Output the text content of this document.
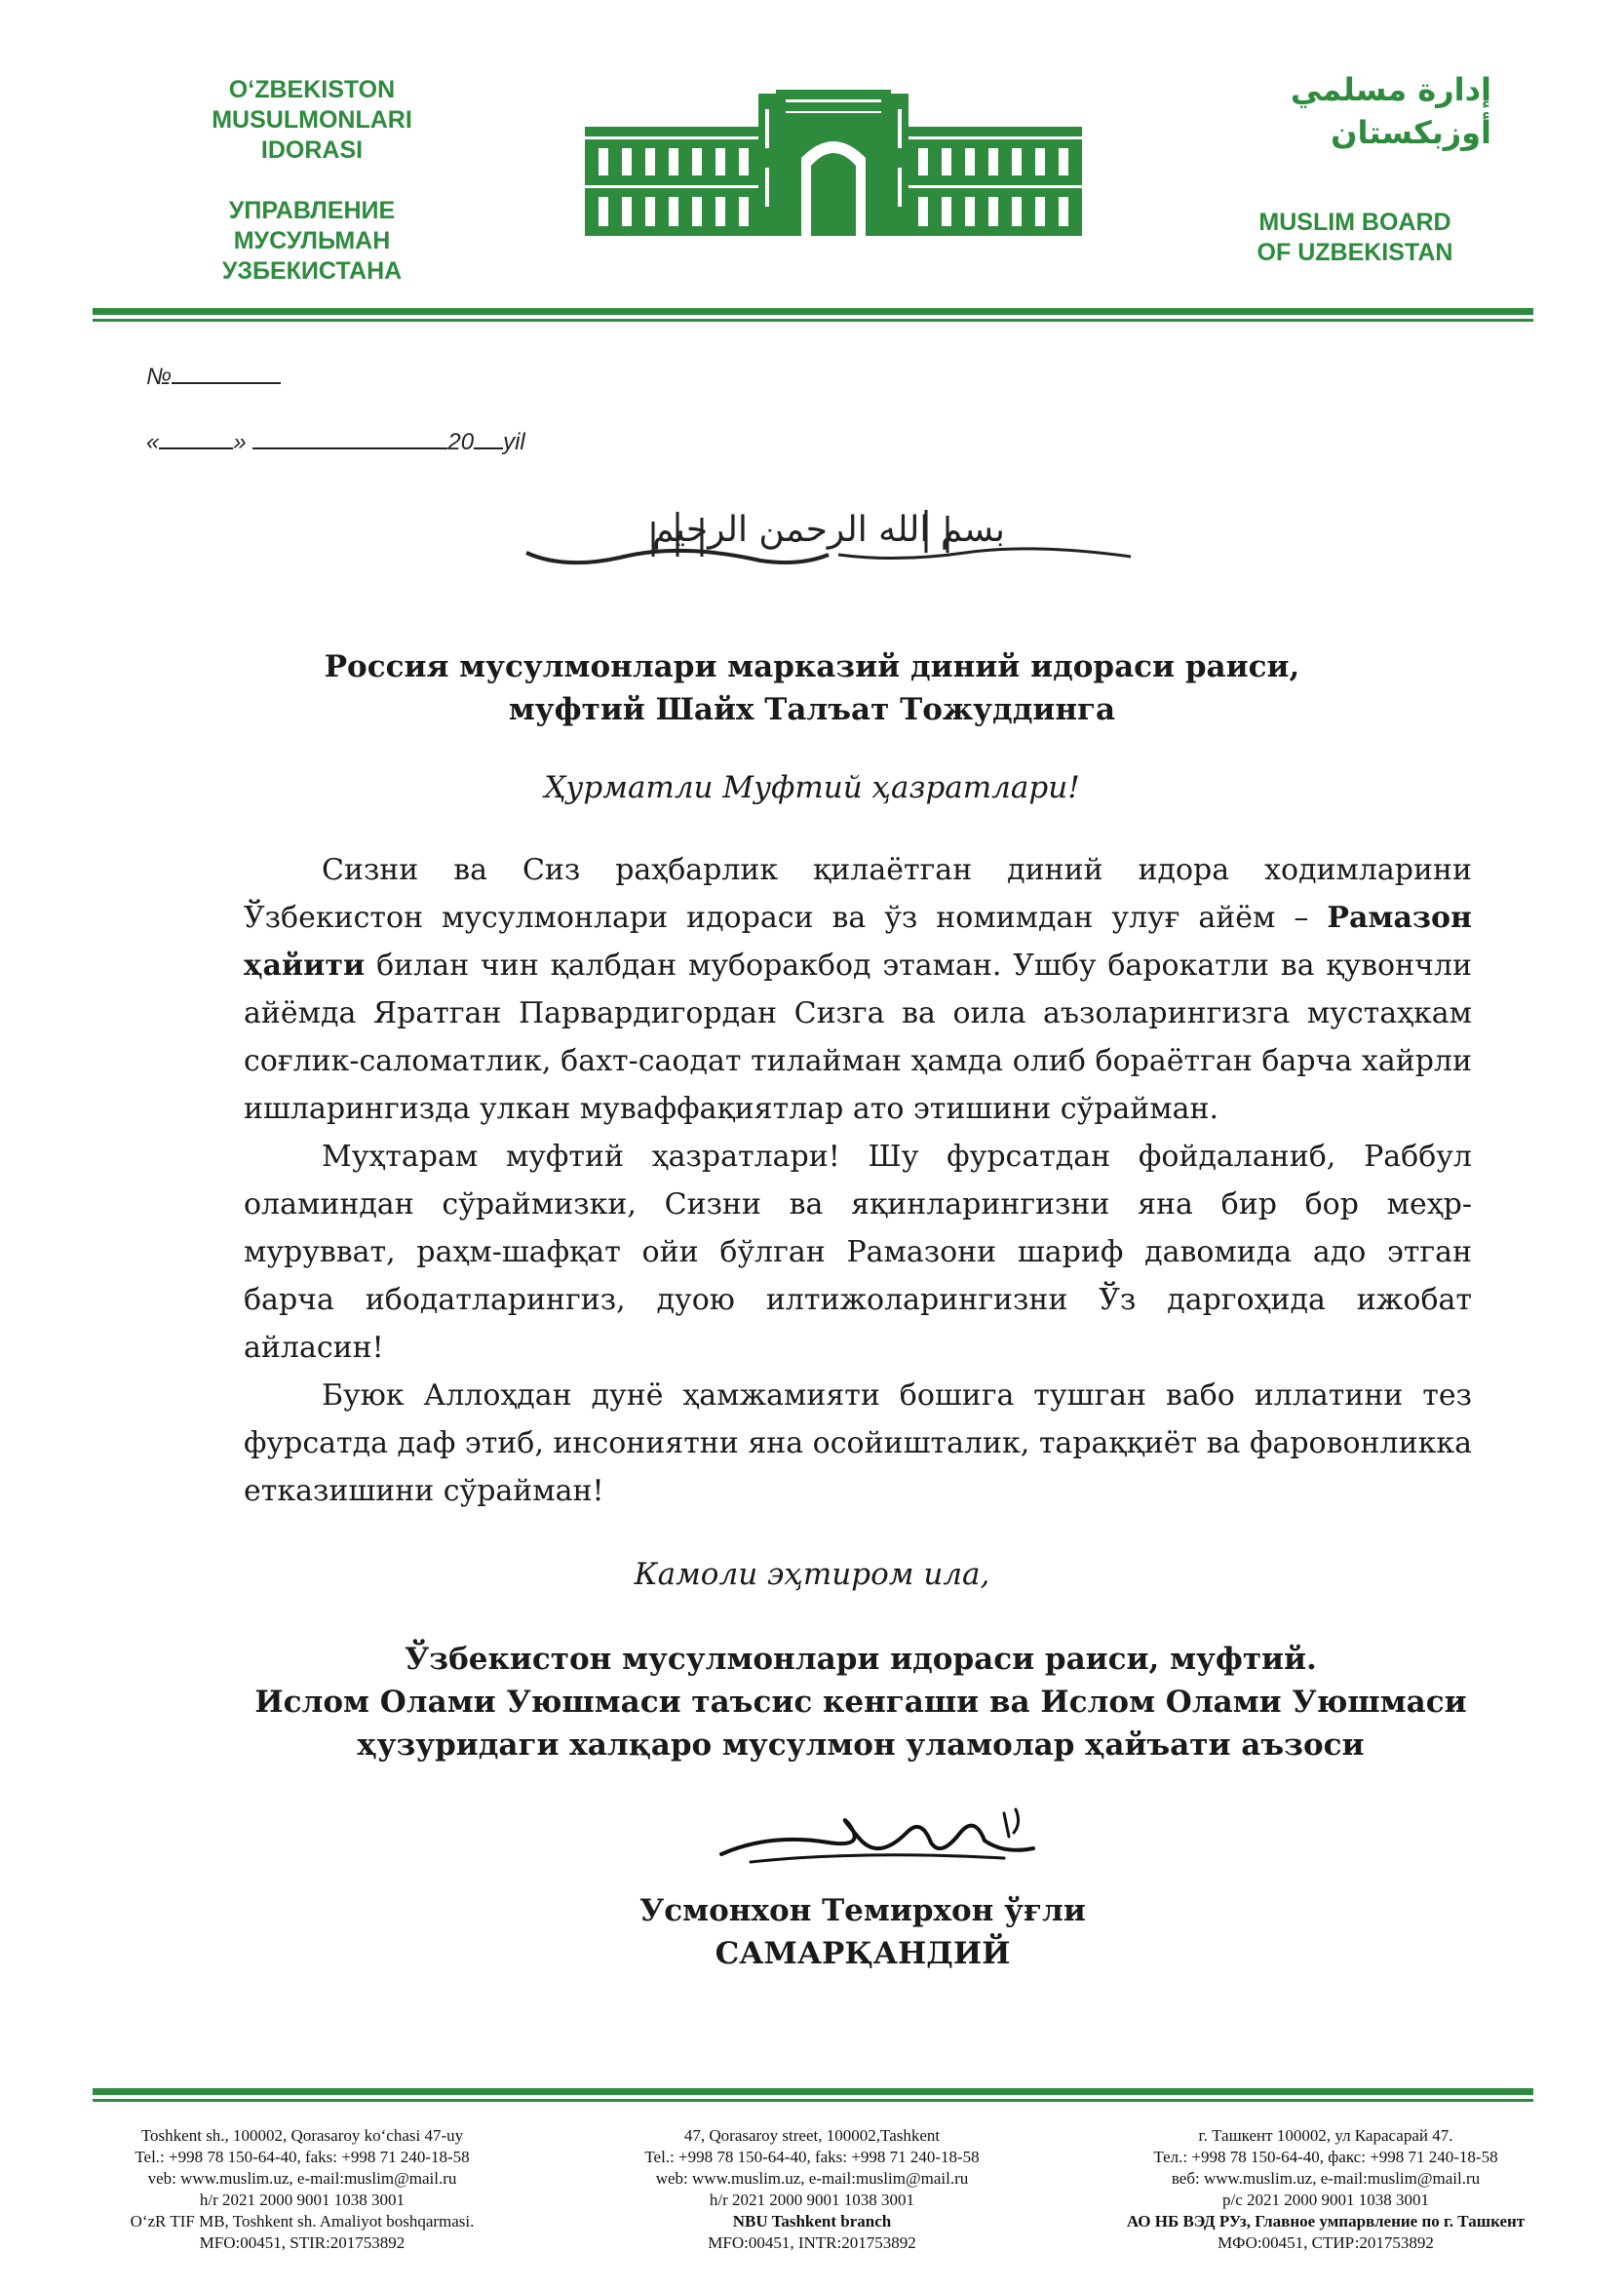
O‘ZBEKISTON
MUSULMONLARI
IDORASI
УПРАВЛЕНИЕ
МУСУЛЬМАН
УЗБЕКИСТАНА
إدارة مسلمي
أوزبكستان
MUSLIM BOARD
OF UZBEKISTAN
№
«	»	20 yil
بسم الله الرحمن الرحيم
Россия мусулмонлари марказий диний идораси раиси,
муфтий Шайх Талъат Тожуддинга
Ҳурматли Муфтий ҳазратлари!

Сизни ва Сиз раҳбарлик қилаётган диний идора ходимларини Ўзбекистон мусулмонлари идораси ва ўз номимдан улуғ айём – Рамазон ҳайити билан чин қалбдан муборакбод этаман. Ушбу барокатли ва қувончли айёмда Яратган Парвардигордан Сизга ва оила аъзоларингизга мустаҳкам соғлик-саломатлик, бахт-саодат тилайман ҳамда олиб бораётган барча хайрли ишларингизда улкан муваффақиятлар ато этишини сўрайман.

Муҳтарам муфтий ҳазратлари! Шу фурсатдан фойдаланиб, Раббул оламиндан сўраймизки, Сизни ва яқинларингизни яна бир бор меҳр-мурувват, раҳм-шафқат ойи бўлган Рамазони шариф давомида адо этган барча ибодатларингиз, дуою илтижоларингизни Ўз даргоҳида ижобат айласин!

Буюк Аллоҳдан дунё ҳамжамияти бошига тушган вабо иллатини тез фурсатда даф этиб, инсониятни яна осойишталик, тараққиёт ва фаровонликка етказишини сўрайман!

Камоли эҳтиром ила,
Ўзбекистон мусулмонлари идораси раиси, муфтий.
Ислом Олами Уюшмаси таъсис кенгаши ва Ислом Олами Уюшмаси
ҳузуридаги халқаро мусулмон уламолар ҳайъати аъзоси
Усмонхон Темирхон ўғли
САМАРҚАНДИЙ
Toshkent sh., 100002, Qorasaroy ko‘chasi 47-uy
Tel.: +998 78 150-64-40, faks: +998 71 240-18-58
veb: www.muslim.uz, e-mail:muslim@mail.ru
h/r 2021 2000 9001 1038 3001
O‘zR TIF MB, Toshkent sh. Amaliyot boshqarmasi.
MFO:00451, STIR:201753892
47, Qorasaroy street, 100002,Tashkent
Tel.: +998 78 150-64-40, faks: +998 71 240-18-58
web: www.muslim.uz, e-mail:muslim@mail.ru
h/r 2021 2000 9001 1038 3001
NBU Tashkent branch
MFO:00451, INTR:201753892
г. Ташкент 100002, ул Карасарай 47.
Тел.: +998 78 150-64-40, факс: +998 71 240-18-58
веб: www.muslim.uz, e-mail:muslim@mail.ru
р/с 2021 2000 9001 1038 3001
АО НБ ВЭД РУз, Главное умпарвление по г. Ташкент
МФО:00451, СТИР:201753892
